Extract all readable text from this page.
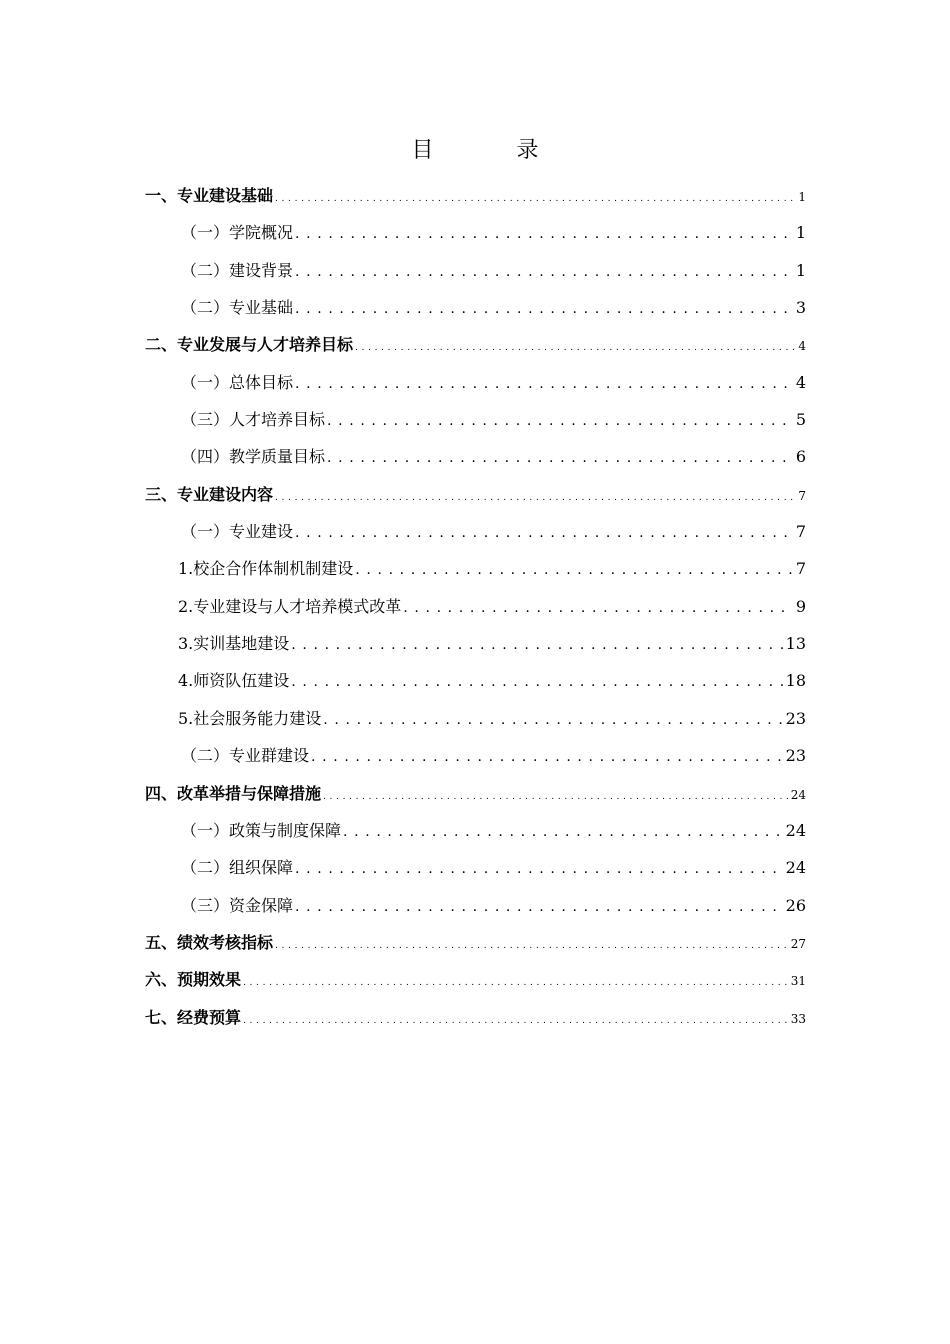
目 录
一、专业建设基础 . . .	1
（一）学院概况 . . .	1
（二）建设背景 . . .	1
（二）专业基础 . . .	3
二、专业发展与人才培养目标 . . .	4
（一）总体目标 . . .	4
（三）人才培养目标 . . .	5
（四）教学质量目标 . . .	6
三、专业建设内容 . . .	7
（一）专业建设 . . .	7
1.校企合作体制机制建设 . . .	7
2.专业建设与人才培养模式改革 . . .	9
3.实训基地建设 . . .	13
4.师资队伍建设 . . .	18
5.社会服务能力建设 . . .	23
（二）专业群建设 . . .	23
四、改革举措与保障措施 . . .	24
（一）政策与制度保障 . . .	24
（二）组织保障 . . .	24
（三）资金保障 . . .	26
五、绩效考核指标 . . .	27
六、预期效果 . . .	31
七、经费预算 . . .	33
